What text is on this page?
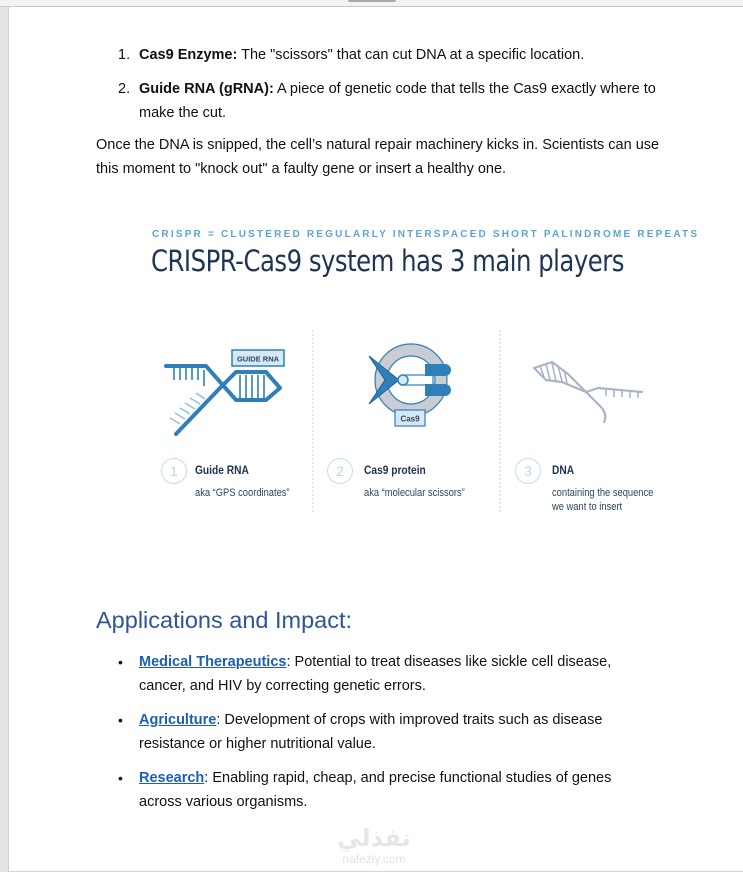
1. Cas9 Enzyme: The "scissors" that can cut DNA at a specific location.
2. Guide RNA (gRNA): A piece of genetic code that tells the Cas9 exactly where to make the cut.
Once the DNA is snipped, the cell’s natural repair machinery kicks in. Scientists can use this moment to "knock out" a faulty gene or insert a healthy one.
CRISPR = CLUSTERED REGULARLY INTERSPACED SHORT PALINDROME REPEATS
CRISPR-Cas9 system has 3 main players
GUIDE RNA
Cas9
1	Guide RNA
aka “GPS coordinates”
2	Cas9 protein
aka “molecular scissors”
3	DNA
containing the sequence
we want to insert
Applications and Impact:
• Medical Therapeutics: Potential to treat diseases like sickle cell disease, cancer, and HIV by correcting genetic errors.
• Agriculture: Development of crops with improved traits such as disease resistance or higher nutritional value.
• Research: Enabling rapid, cheap, and precise functional studies of genes across various organisms.
نفذلي
nafezly.com
